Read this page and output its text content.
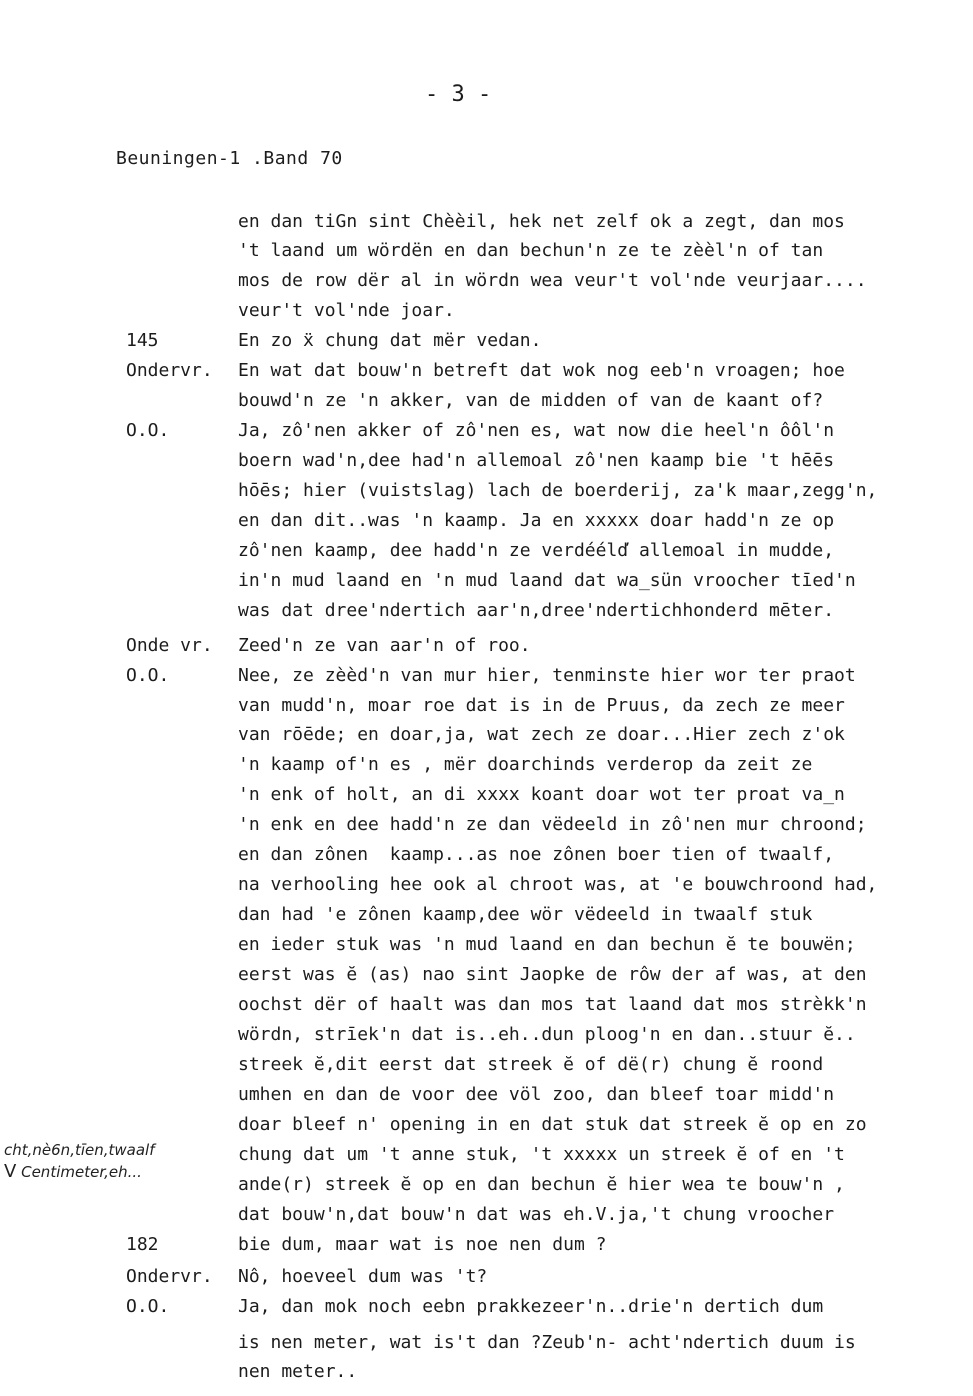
- 3 -
Beuningen-1 .Band 70
en dan tiGn sint Chèèil, hek net zelf ok a zegt, dan mos
't laand um wördën en dan bechun'n ze te zèèl'n of tan
mos de row dër al in wördn wea veur't vol'nde veurjaar....
veur't vol'nde joar.
145	En zo ẍ chung dat mër vedan.
Ondervr. En wat dat bouw'n betreft dat wok nog eeb'n vroagen; hoe
bouwd'n ze 'n akker, van de midden of van de kaant of?
O.O.	Ja, zô'nen akker of zô'nen es, wat now die heel'n ôôl'n
boern wad'n,dee had'n allemoal zô'nen kaamp bie 't hēēs
hōēs; hier (vuistslag) lach de boerderij, za'k maar,zegg'n,
en dan dit..was 'n kaamp. Ja en xxxxx doar hadd'n ze op
zô'nen kaamp, dee hadd'n ze verdéélď allemoal in mudde,
in'n mud laand en 'n mud laand dat wa_sün vroocher tīed'n
was dat dree'ndertich aar'n,dree'ndertichhonderd mēter.
Onde vr. Zeed'n ze van aar'n of roo.
O.O.	Nee, ze zèèd'n van mur hier, tenminste hier wor ter praot
van mudd'n, moar roe dat is in de Pruus, da zech ze meer
van rōēde; en doar,ja, wat zech ze doar...Hier zech z'ok
'n kaamp of'n es , mër doarchinds verderop da zeit ze
'n enk of holt, an di xxxx koant doar wot ter proat va_n
'n enk en dee hadd'n ze dan vëdeeld in zô'nen mur chroond;
en dan zônen  kaamp...as noe zônen boer tien of twaalf,
na verhooling hee ook al chroot was, at 'e bouwchroond had,
dan had 'e zônen kaamp,dee wör vëdeeld in twaalf stuk
en ieder stuk was 'n mud laand en dan bechun ĕ te bouwën;
eerst was ĕ (as) nao sint Jaopke de rôw der af was, at den
oochst dër of haalt was dan mos tat laand dat mos strèkk'n
wördn, strīek'n dat is..eh..dun ploog'n en dan..stuur ĕ..
streek ĕ,dit eerst dat streek ĕ of dë(r) chung ĕ roond
umhen en dan de voor dee völ zoo, dan bleef toar midd'n
doar bleef n' opening in en dat stuk dat streek ĕ op en zo
chung dat um 't anne stuk, 't xxxxx un streek ĕ of en 't
ande(r) streek ĕ op en dan bechun ĕ hier wea te bouw'n ,
dat bouw'n,dat bouw'n dat was eh.V.ja,'t chung vroocher
182	bie dum, maar wat is noe nen dum ?
Ondervr. Nô, hoeveel dum was 't?
O.O.	Ja, dan mok noch eebn prakkezeer'n..drie'n dertich dum
is nen meter, wat is't dan ?Zeub'n- acht'ndertich duum is
nen meter..
cht,nè6n,tīen,twaalf
V Centimeter,eh...
